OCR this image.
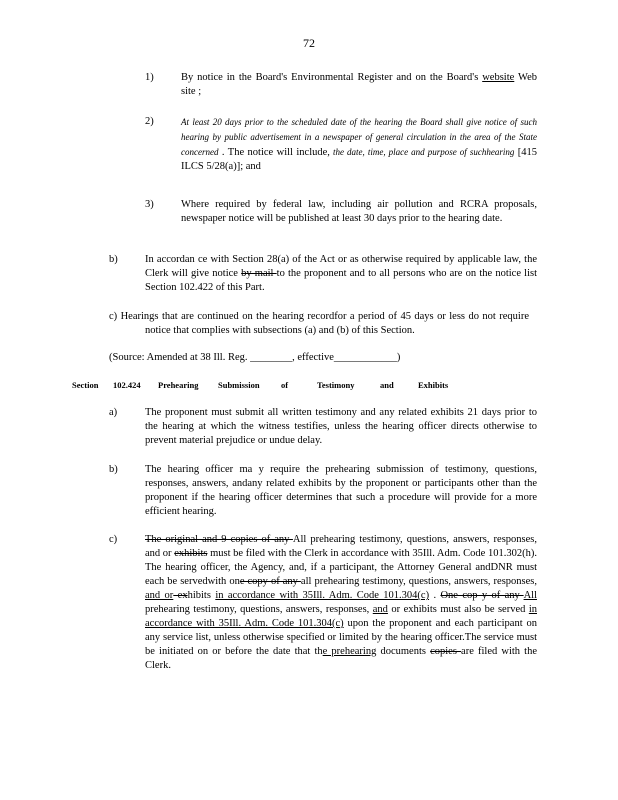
72
1)	By notice in the Board's Environmental Register and on the Board's website Web site ;
2)	At least 20 days prior to the scheduled date of the hearing the Board shall give notice of such hearing by public advertisement in a newspaper of general circulation in the area of the State concerned . The notice will include, the date, time, place and purpose of suchhearing [415 ILCS 5/28(a)]; and
3)	Where required by federal law, including air pollution and RCRA proposals, newspaper notice will be published at least 30 days prior to the hearing date.
b)	In accordan ce with Section 28(a) of the Act or as otherwise required by applicable law, the Clerk will give notice by mail to the proponent and to all persons who are on the notice list Section 102.422 of this Part.
c) Hearings that are continued on the hearing recordfor a period of 45 days or less do not require notice that complies with subsections (a) and (b) of this Section.
(Source: Amended at 38 Ill. Reg. ________, effective____________)
Section 102.424 Prehearing Submission	of	Testimony	and	Exhibits
a)	The proponent must submit all written testimony and any related exhibits 21 days prior to the hearing at which the witness testifies, unless the hearing officer directs otherwise to prevent material prejudice or undue delay.
b)	The hearing officer ma y require the prehearing submission of testimony, questions, responses, answers, andany related exhibits by the proponent or participants other than the proponent if the hearing officer determines that such a procedure will provide for a more efficient hearing.
c)	The original and 9 copies of any All prehearing testimony, questions, answers, responses, and or exhibits must be filed with the Clerk in accordance with 35Ill. Adm. Code 101.302(h). The hearing officer, the Agency, and, if a participant, the Attorney General andDNR must each be servedwith one copy of any all prehearing testimony, questions, answers, responses, and or exhibits in accordance with 35Ill. Adm. Code 101.304(c) . One cop y of any All prehearing testimony, questions, answers, responses, and or exhibits must also be served in accordance with 35Ill. Adm. Code 101.304(c) upon the proponent and each participant on any service list, unless otherwise specified or limited by the hearing officer.The service must be initiated on or before the date that the prehearing documents copies are filed with the Clerk.
